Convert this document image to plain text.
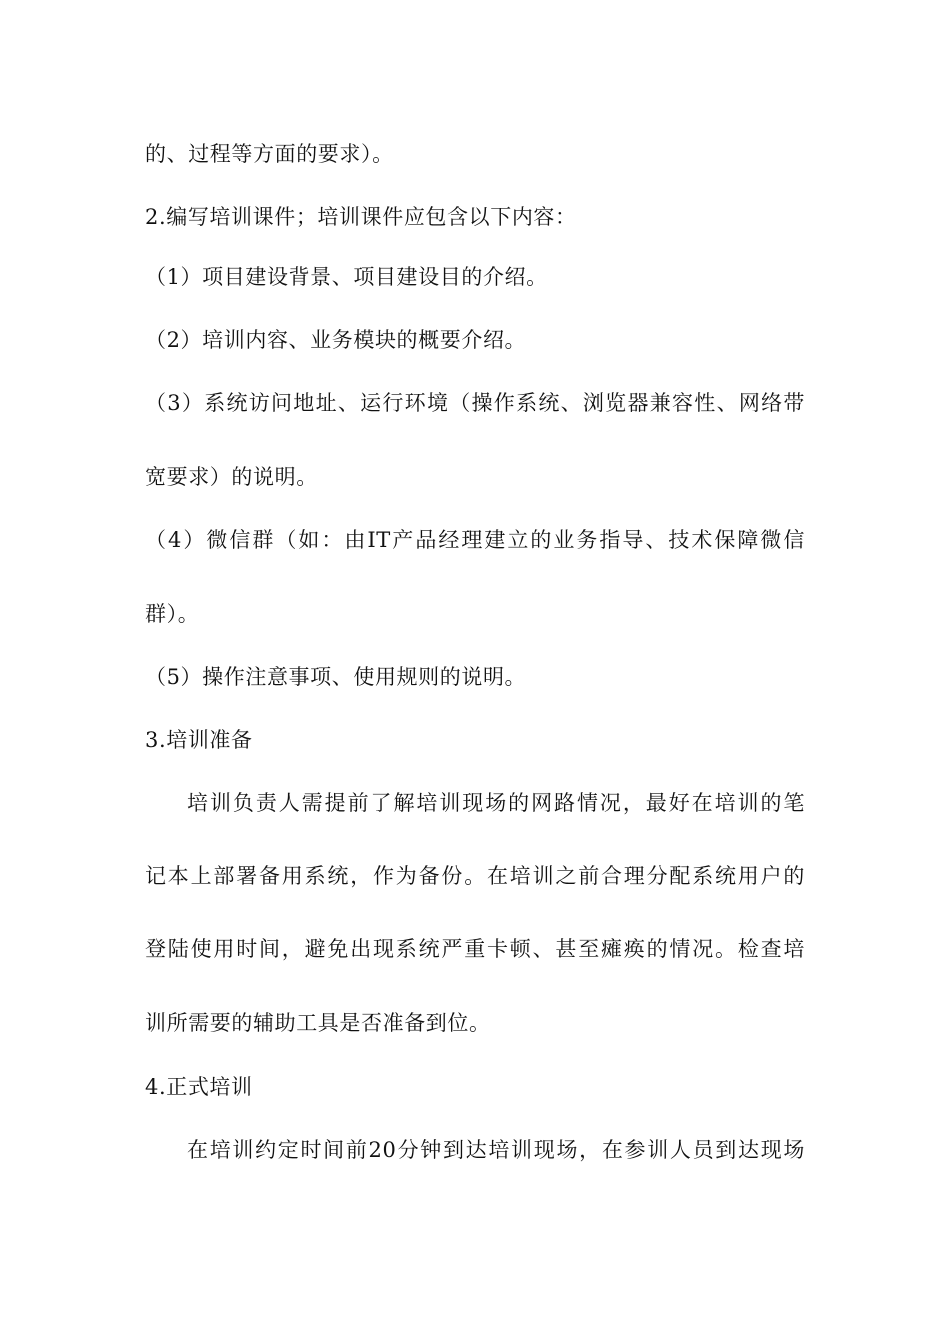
的、过程等方面的要求）。
2.编写培训课件；培训课件应包含以下内容：
（1）项目建设背景、项目建设目的介绍。
（2）培训内容、业务模块的概要介绍。
（3）系统访问地址、运行环境（操作系统、浏览器兼容性、网络带
宽要求）的说明。
（4）微信群（如：由IT产品经理建立的业务指导、技术保障微信
群）。
（5）操作注意事项、使用规则的说明。
3.培训准备
培训负责人需提前了解培训现场的网路情况，最好在培训的笔
记本上部署备用系统，作为备份。在培训之前合理分配系统用户的
登陆使用时间，避免出现系统严重卡顿、甚至瘫痪的情况。检查培
训所需要的辅助工具是否准备到位。
4.正式培训
在培训约定时间前20分钟到达培训现场，在参训人员到达现场
